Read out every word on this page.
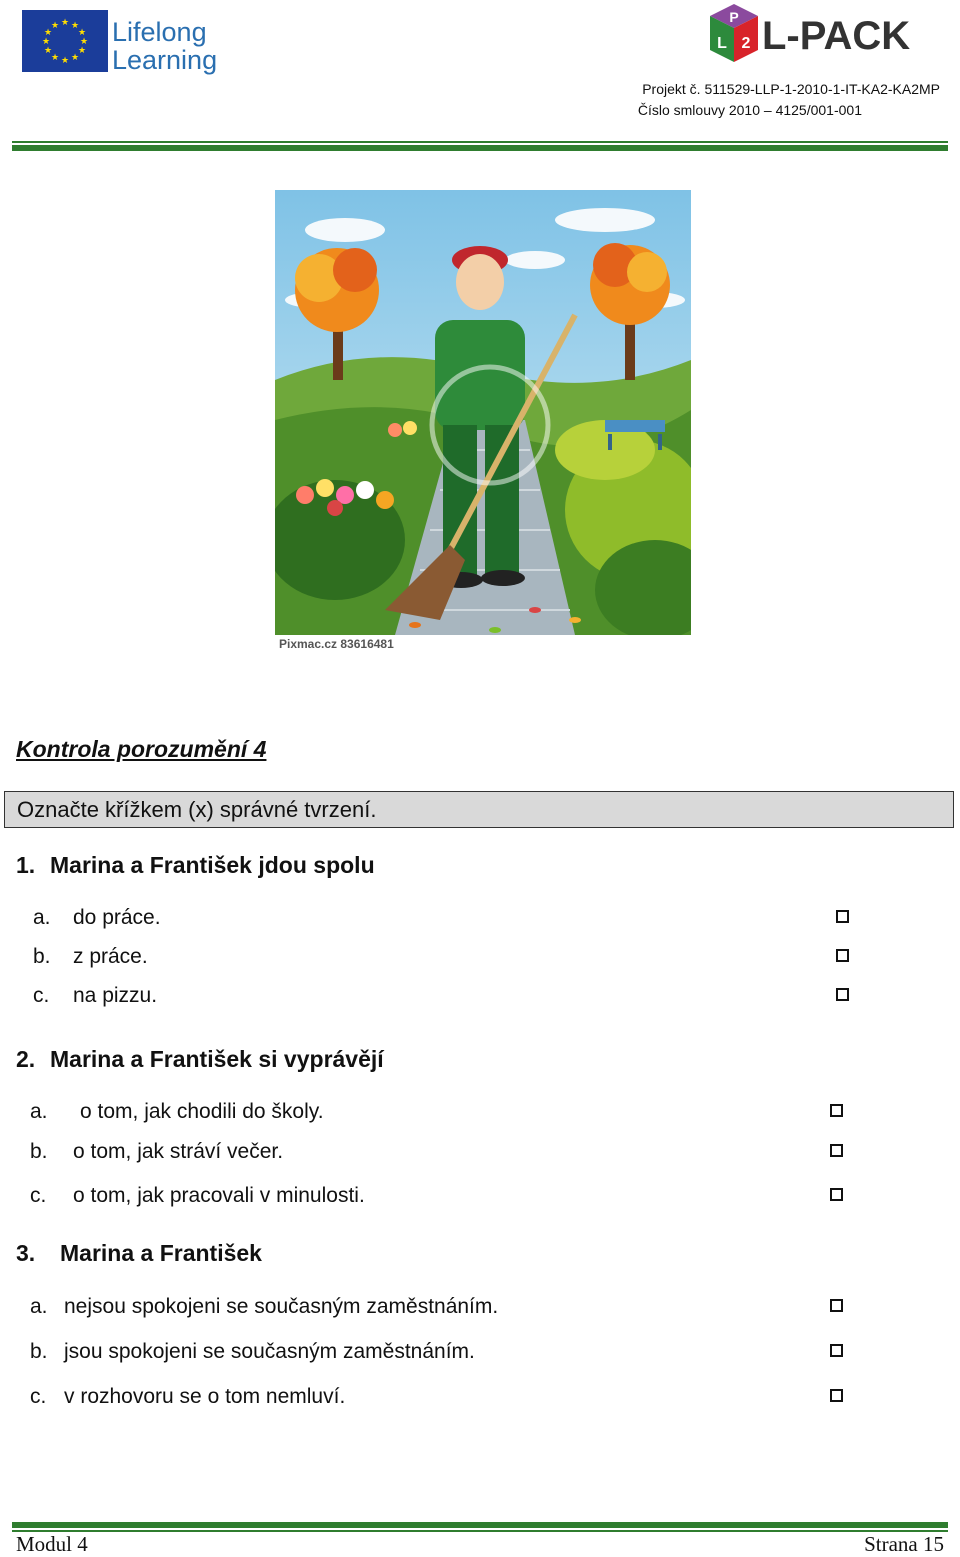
★ ★
★
★
★
★
★
★
★
★
★
★ Lifelong
Learning
P
L 2 L-PACK
Projekt č. 511529-LLP-1-2010-1-IT-KA2-KA2MP
Číslo smlouvy 2010 – 4125/001-001
Pixmac.cz 83616481
Kontrola porozumění 4
Označte křížkem (x) správné tvrzení.
1. Marina a František jdou spolu
a. do práce.
b. z práce.
c. na pizzu.
2. Marina a František si vyprávějí
a. o tom, jak chodili do školy.
b. o tom, jak stráví večer.
c. o tom, jak pracovali v minulosti.
3. Marina a František
a. nejsou spokojeni se současným zaměstnáním.
b. jsou spokojeni se současným zaměstnáním.
c. v rozhovoru se o tom nemluví.
Modul 4	Strana 15
